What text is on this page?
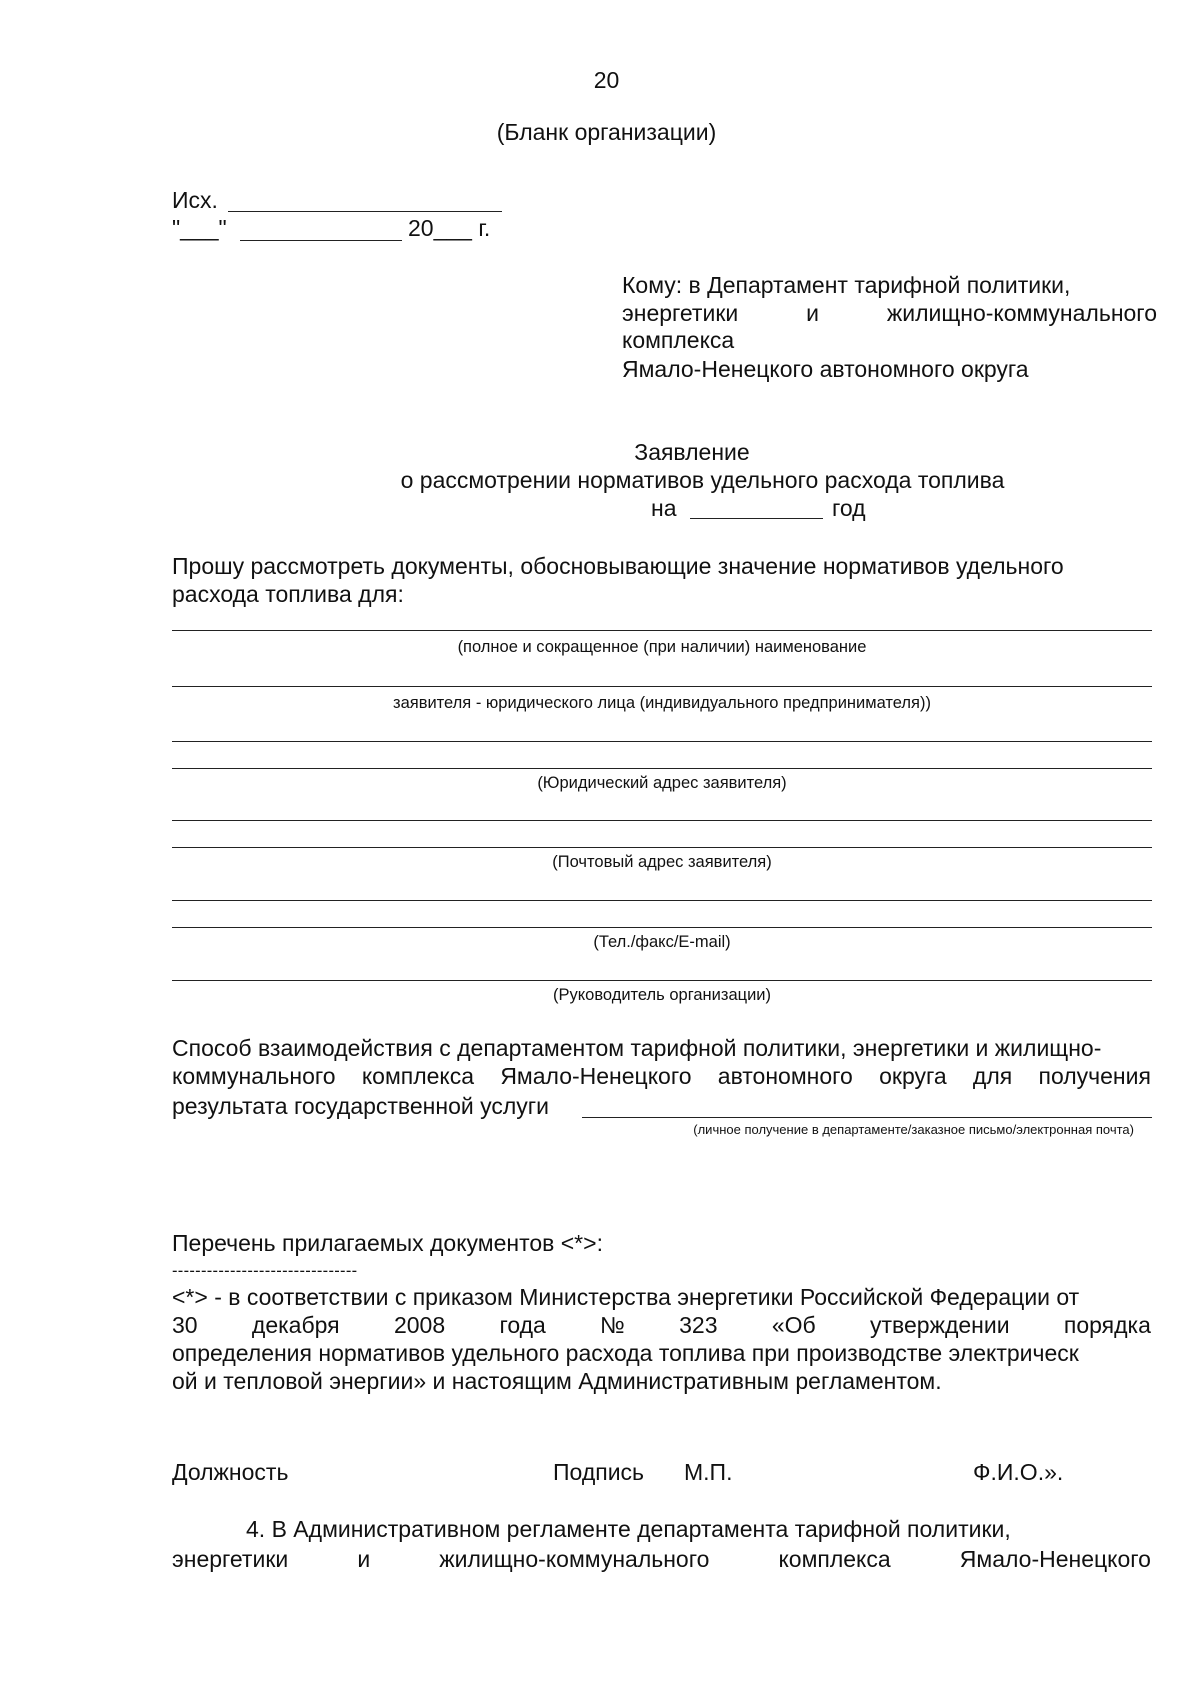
20
(Бланк организации)
Исх.
"___"	20___ г.
Кому: в Департамент тарифной политики,
энергетики	и	жилищно-коммунального
комплекса
Ямало-Ненецкого автономного округа
Заявление
о рассмотрении нормативов удельного расхода топлива
на	год
Прошу рассмотреть документы, обосновывающие значение нормативов удельного
расхода топлива для:
(полное и сокращенное (при наличии) наименование
заявителя - юридического лица (индивидуального предпринимателя))
(Юридический адрес заявителя)
(Почтовый адрес заявителя)
(Тел./факс/E-mail)
(Руководитель организации)
Способ взаимодействия с департаментом тарифной политики, энергетики и жилищно-
коммунального комплекса Ямало-Ненецкого автономного округа для получения
результата государственной услуги
(личное получение в департаменте/заказное письмо/электронная почта)
Перечень прилагаемых документов <*>:
--------------------------------
<*> - в соответствии с приказом Министерства энергетики Российской Федерации от
30 декабря 2008 года № 323 «Об утверждении порядка
определения нормативов удельного расхода топлива при производстве электрическ
ой и тепловой энергии» и настоящим Административным регламентом.
Должность	Подпись М.П.	Ф.И.О.».
4. В Административном регламенте департамента тарифной политики,
энергетики	и	жилищно-коммунального	комплекса	Ямало-Ненецкого
